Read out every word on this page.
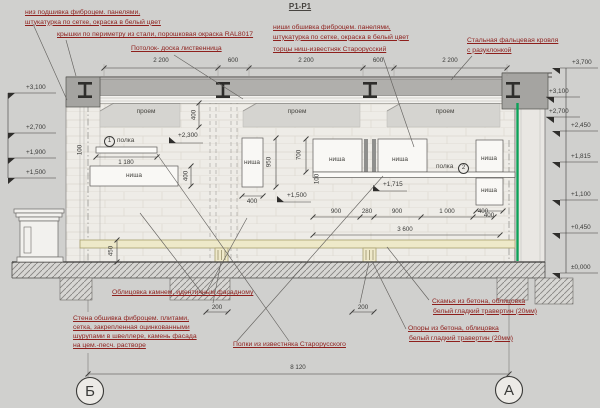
Р1-Р1
низ подшивка фиброцем. панелями,
штукатурка по сетке, окраска в белый цвет
крышки по периметру из стали, порошковая окраска RAL8017
Потолок- доска лиственница
ниши обшивка фиброцем. панелями,
штукатурка по сетке, окраска в белый цвет
торцы ниш-известняк Старорусский
Стальная фальцевая кровля
с разуклонкой
Облицовка камнем, идентичным фасадному
Стена обшивка фиброцем. плитами,
сетка, закрепленная оцинкованными
шурупами в швеллере, камень фасада
на цем.-песч. растворе	Полки из известняка Старорусского
Скамья из бетона, облицовка
белый гладкий травертин (20мм)
Опоры из бетона, облицовка
белый гладкий травертин (20мм)
+3,100
+2,700
+1,900
+1,500
+3,700
+3,100
+2,700
+2,450
+1,815
+1,100
+0,450
±0,000
+2,300
+1,715
+1,500
2 200	600	2 200	600	2 200
900	280	900	1 000	400
3 600
8 120
1 180
400
400
200	200
400
100
400
950
700
100
450
проем	проем	проем
ниша
ниша	ниша	ниша	ниша
ниша
полка
1
полка	2
Б	А
